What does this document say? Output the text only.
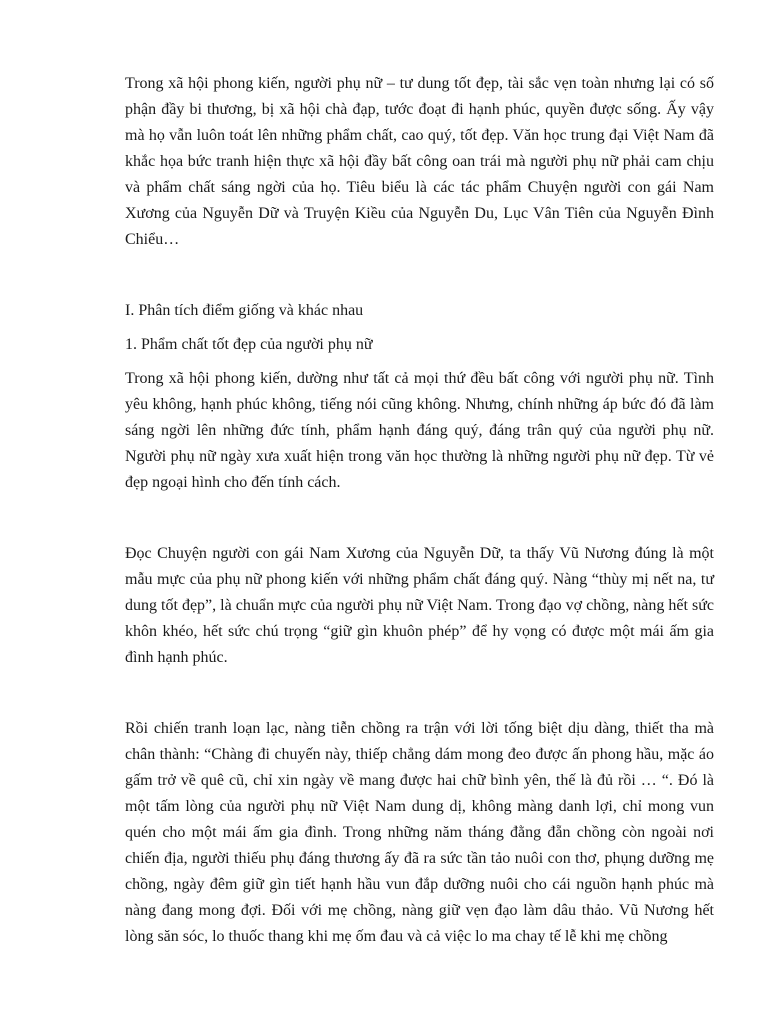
Trong xã hội phong kiến, người phụ nữ – tư dung tốt đẹp, tài sắc vẹn toàn nhưng lại có số phận đầy bi thương, bị xã hội chà đạp, tước đoạt đi hạnh phúc, quyền được sống. Ấy vậy mà họ vẫn luôn toát lên những phẩm chất, cao quý, tốt đẹp. Văn học trung đại Việt Nam đã khắc họa bức tranh hiện thực xã hội đầy bất công oan trái mà người phụ nữ phải cam chịu và phẩm chất sáng ngời của họ. Tiêu biểu là các tác phẩm Chuyện người con gái Nam Xương của Nguyễn Dữ và Truyện Kiều của Nguyễn Du, Lục Vân Tiên của Nguyễn Đình Chiểu…

I. Phân tích điểm giống và khác nhau

1. Phẩm chất tốt đẹp của người phụ nữ

Trong xã hội phong kiến, dường như tất cả mọi thứ đều bất công với người phụ nữ. Tình yêu không, hạnh phúc không, tiếng nói cũng không. Nhưng, chính những áp bức đó đã làm sáng ngời lên những đức tính, phẩm hạnh đáng quý, đáng trân quý của người phụ nữ. Người phụ nữ ngày xưa xuất hiện trong văn học thường là những người phụ nữ đẹp. Từ vẻ đẹp ngoại hình cho đến tính cách.

Đọc Chuyện người con gái Nam Xương của Nguyễn Dữ, ta thấy Vũ Nương đúng là một mẫu mực của phụ nữ phong kiến với những phẩm chất đáng quý. Nàng “thùy mị nết na, tư dung tốt đẹp”, là chuẩn mực của người phụ nữ Việt Nam. Trong đạo vợ chồng, nàng hết sức khôn khéo, hết sức chú trọng “giữ gìn khuôn phép” để hy vọng có được một mái ấm gia đình hạnh phúc.

Rồi chiến tranh loạn lạc, nàng tiễn chồng ra trận với lời tống biệt dịu dàng, thiết tha mà chân thành: “Chàng đi chuyến này, thiếp chẳng dám mong đeo được ấn phong hầu, mặc áo gấm trở về quê cũ, chỉ xin ngày về mang được hai chữ bình yên, thế là đủ rồi … “. Đó là một tấm lòng của người phụ nữ Việt Nam dung dị, không màng danh lợi, chỉ mong vun quén cho một mái ấm gia đình. Trong những năm tháng đằng đẵn chồng còn ngoài nơi chiến địa, người thiếu phụ đáng thương ấy đã ra sức tần tảo nuôi con thơ, phụng dưỡng mẹ chồng, ngày đêm giữ gìn tiết hạnh hầu vun đắp dưỡng nuôi cho cái nguồn hạnh phúc mà nàng đang mong đợi. Đối với mẹ chồng, nàng giữ vẹn đạo làm dâu thảo. Vũ Nương hết lòng săn sóc, lo thuốc thang khi mẹ ốm đau và cả việc lo ma chay tế lễ khi mẹ chồng
